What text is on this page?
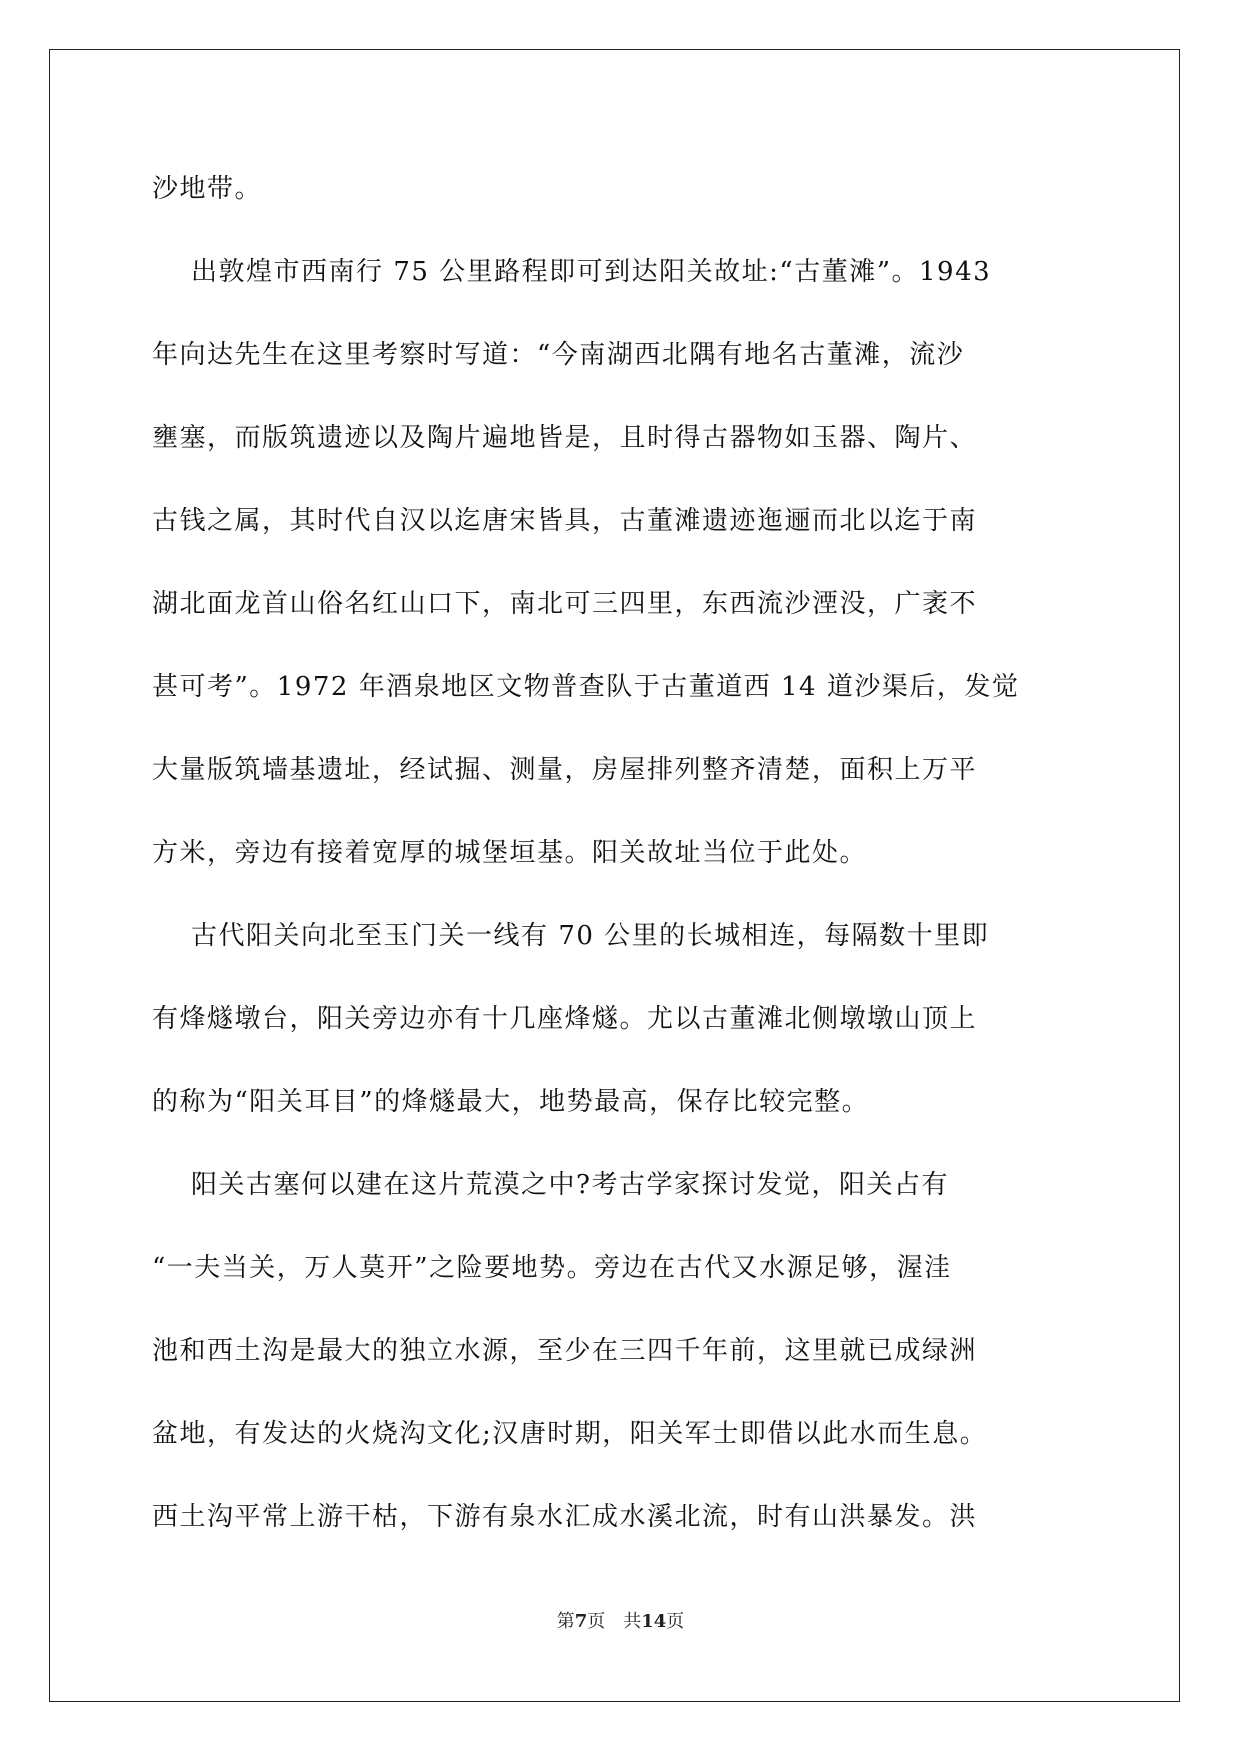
沙地带。
出敦煌市西南行 75 公里路程即可到达阳关故址:“古董滩”。1943
年向达先生在这里考察时写道：“今南湖西北隅有地名古董滩，流沙
壅塞，而版筑遗迹以及陶片遍地皆是，且时得古器物如玉器、陶片、
古钱之属，其时代自汉以迄唐宋皆具，古董滩遗迹迤逦而北以迄于南
湖北面龙首山俗名红山口下，南北可三四里，东西流沙湮没，广袤不
甚可考”。1972 年酒泉地区文物普查队于古董道西 14 道沙渠后，发觉
大量版筑墙基遗址，经试掘、测量，房屋排列整齐清楚，面积上万平
方米，旁边有接着宽厚的城堡垣基。阳关故址当位于此处。
古代阳关向北至玉门关一线有 70 公里的长城相连，每隔数十里即
有烽燧墩台，阳关旁边亦有十几座烽燧。尤以古董滩北侧墩墩山顶上
的称为“阳关耳目”的烽燧最大，地势最高，保存比较完整。
阳关古塞何以建在这片荒漠之中?考古学家探讨发觉，阳关占有
“一夫当关，万人莫开”之险要地势。旁边在古代又水源足够，渥洼
池和西土沟是最大的独立水源，至少在三四千年前，这里就已成绿洲
盆地，有发达的火烧沟文化;汉唐时期，阳关军士即借以此水而生息。
西土沟平常上游干枯，下游有泉水汇成水溪北流，时有山洪暴发。洪
第7页 共14页
